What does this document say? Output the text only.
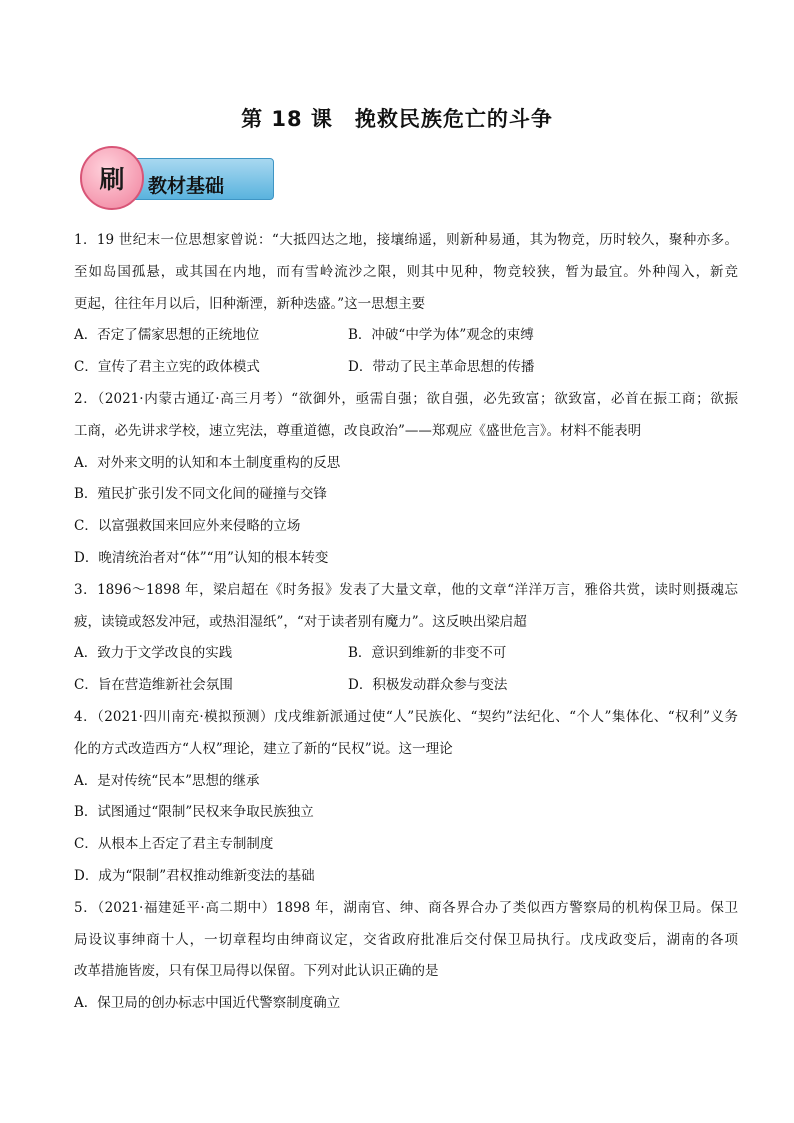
第 18 课　挽救民族危亡的斗争
教材基础
刷

1．19 世纪末一位思想家曾说：“大抵四达之地，接壤绵遥，则新种易通，其为物竞，历时较久，聚种亦多。

至如岛国孤悬，或其国在内地，而有雪岭流沙之限，则其中见种，物竞较狭，暂为最宜。外种闯入，新竞

更起，往往年月以后，旧种渐湮，新种迭盛。”这一思想主要

A．否定了儒家思想的正统地位	B．冲破“中学为体”观念的束缚

C．宣传了君主立宪的政体模式	D．带动了民主革命思想的传播

2．（2021·内蒙古通辽·高三月考）“欲御外，亟需自强；欲自强，必先致富；欲致富，必首在振工商；欲振

工商，必先讲求学校，速立宪法，尊重道德，改良政治”——郑观应《盛世危言》。材料不能表明

A．对外来文明的认知和本土制度重构的反思

B．殖民扩张引发不同文化间的碰撞与交锋

C．以富强救国来回应外来侵略的立场

D．晚清统治者对“体”“用”认知的根本转变

3．1896～1898 年，梁启超在《时务报》发表了大量文章，他的文章“洋洋万言，雅俗共赏，读时则摄魂忘

疲，读镜或怒发冲冠，或热泪湿纸”，“对于读者别有魔力”。这反映出梁启超

A．致力于文学改良的实践	B．意识到维新的非变不可

C．旨在营造维新社会氛围	D．积极发动群众参与变法

4．（2021·四川南充·模拟预测）戊戌维新派通过使“人”民族化、“契约”法纪化、“个人”集体化、“权利”义务

化的方式改造西方“人权”理论，建立了新的“民权”说。这一理论

A．是对传统“民本”思想的继承

B．试图通过“限制”民权来争取民族独立

C．从根本上否定了君主专制制度

D．成为“限制”君权推动维新变法的基础

5．（2021·福建延平·高二期中）1898 年，湖南官、绅、商各界合办了类似西方警察局的机构保卫局。保卫

局设议事绅商十人，一切章程均由绅商议定，交省政府批准后交付保卫局执行。戊戌政变后，湖南的各项

改革措施皆废，只有保卫局得以保留。下列对此认识正确的是

A．保卫局的创办标志中国近代警察制度确立
